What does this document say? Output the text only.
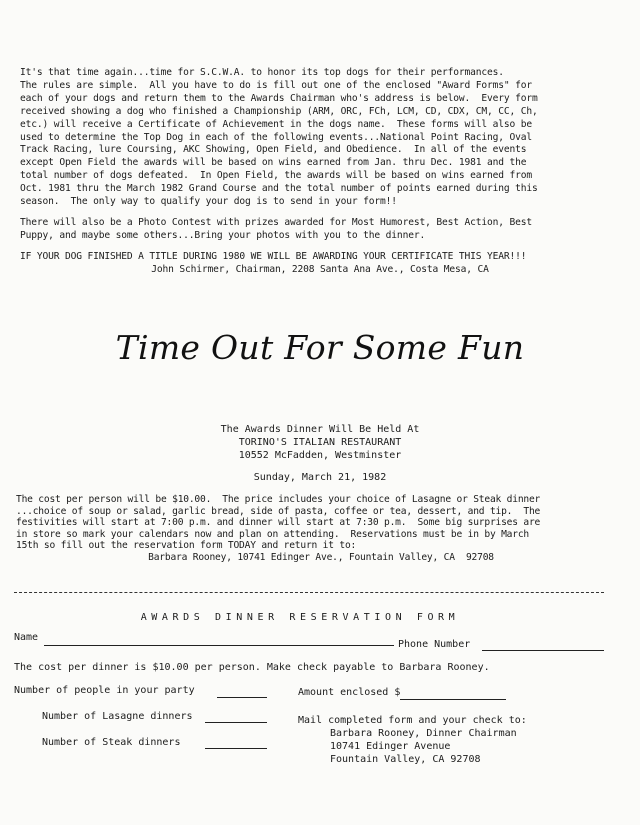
It's that time again...time for S.C.W.A. to honor its top dogs for their performances.
The rules are simple.  All you have to do is fill out one of the enclosed "Award Forms" for
each of your dogs and return them to the Awards Chairman who's address is below.  Every form
received showing a dog who finished a Championship (ARM, ORC, FCh, LCM, CD, CDX, CM, CC, Ch,
etc.) will receive a Certificate of Achievement in the dogs name.  These forms will also be
used to determine the Top Dog in each of the following events...National Point Racing, Oval
Track Racing, lure Coursing, AKC Showing, Open Field, and Obedience.  In all of the events
except Open Field the awards will be based on wins earned from Jan. thru Dec. 1981 and the
total number of dogs defeated.  In Open Field, the awards will be based on wins earned from
Oct. 1981 thru the March 1982 Grand Course and the total number of points earned during this
season.  The only way to qualify your dog is to send in your form!!
There will also be a Photo Contest with prizes awarded for Most Humorest, Best Action, Best
Puppy, and maybe some others...Bring your photos with you to the dinner.
IF YOUR DOG FINISHED A TITLE DURING 1980 WE WILL BE AWARDING YOUR CERTIFICATE THIS YEAR!!!
John Schirmer, Chairman, 2208 Santa Ana Ave., Costa Mesa, CA
Time Out For Some Fun
The Awards Dinner Will Be Held At
TORINO'S ITALIAN RESTAURANT
10552 McFadden, Westminster
Sunday, March 21, 1982
The cost per person will be $10.00.  The price includes your choice of Lasagne or Steak dinner
...choice of soup or salad, garlic bread, side of pasta, coffee or tea, dessert, and tip.  The
festivities will start at 7:00 p.m. and dinner will start at 7:30 p.m.  Some big surprises are
in store so mark your calendars now and plan on attending.  Reservations must be in by March
15th so fill out the reservation form TODAY and return it to:
Barbara Rooney, 10741 Edinger Ave., Fountain Valley, CA  92708
AWARDS DINNER RESERVATION FORM
Name
Phone Number
The cost per dinner is $10.00 per person. Make check payable to Barbara Rooney.
Number of people in your party	Amount enclosed $
Number of Lasagne dinners
Number of Steak dinners
Mail completed form and your check to:
Barbara Rooney, Dinner Chairman
10741 Edinger Avenue
Fountain Valley, CA 92708
